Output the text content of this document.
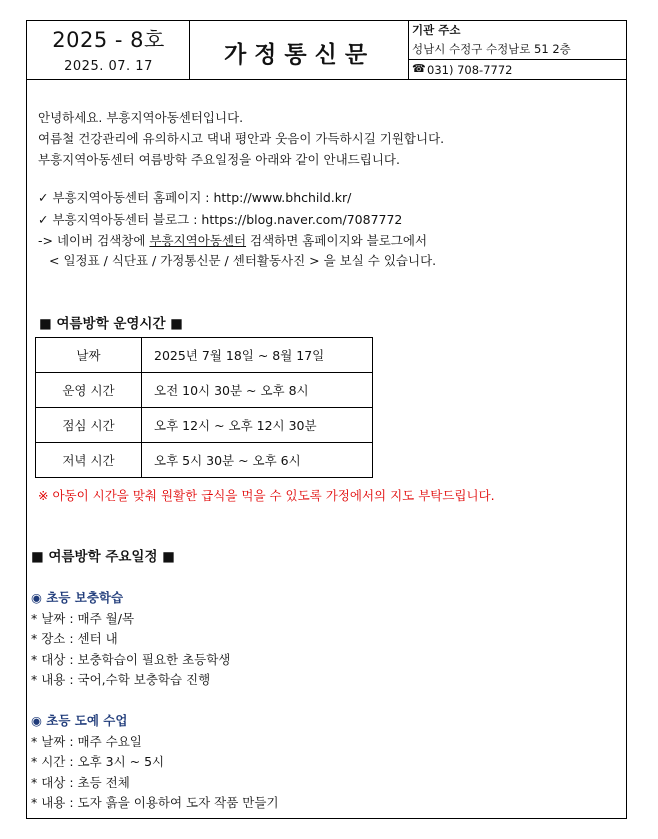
2025 - 8호
2025. 07. 17	가정통신문
기관 주소
성남시 수정구 수정남로 51 2층
☎ 031) 708-7772
안녕하세요. 부흥지역아동센터입니다.
여름철 건강관리에 유의하시고 댁내 평안과 웃음이 가득하시길 기원합니다.
부흥지역아동센터 여름방학 주요일정을 아래와 같이 안내드립니다.
✓ 부흥지역아동센터 홈페이지 : http://www.bhchild.kr/
✓ 부흥지역아동센터 블로그 : https://blog.naver.com/7087772
-> 네이버 검색창에 부흥지역아동센터 검색하면 홈페이지와 블로그에서
< 일정표 / 식단표 / 가정통신문 / 센터활동사진 > 을 보실 수 있습니다.
■ 여름방학 운영시간 ■
날짜	2025년 7월 18일 ~ 8월 17일
운영 시간	오전 10시 30분 ~ 오후 8시
점심 시간	오후 12시 ~ 오후 12시 30분
저녁 시간	오후 5시 30분 ~ 오후 6시
※ 아동이 시간을 맞춰 원활한 급식을 먹을 수 있도록 가정에서의 지도 부탁드립니다.
■ 여름방학 주요일정 ■
◉ 초등 보충학습
* 날짜 : 매주 월/목
* 장소 : 센터 내
* 대상 : 보충학습이 필요한 초등학생
* 내용 : 국어,수학 보충학습 진행
◉ 초등 도예 수업
* 날짜 : 매주 수요일
* 시간 : 오후 3시 ~ 5시
* 대상 : 초등 전체
* 내용 : 도자 흙을 이용하여 도자 작품 만들기
